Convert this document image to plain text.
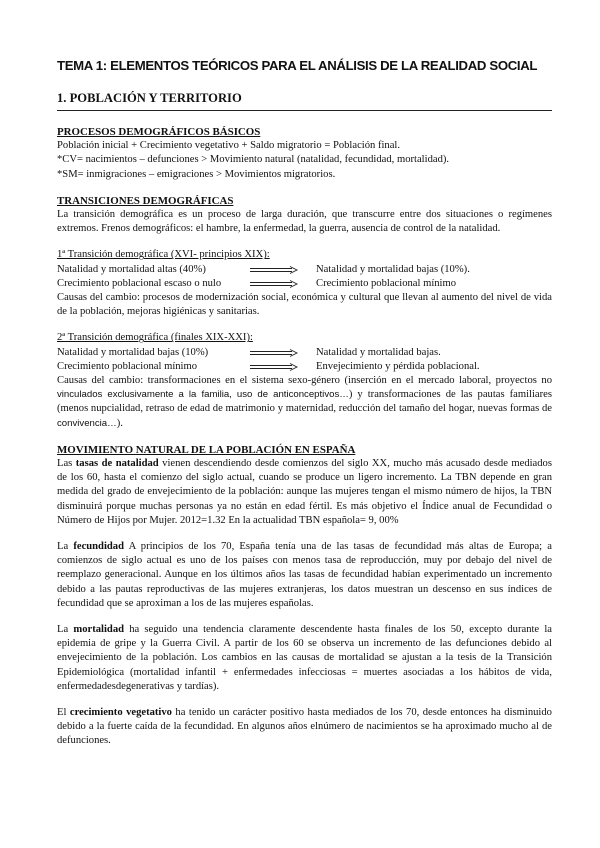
TEMA 1: ELEMENTOS TEÓRICOS PARA EL ANÁLISIS DE LA REALIDAD SOCIAL
1. POBLACIÓN Y TERRITORIO

PROCESOS DEMOGRÁFICOS BÁSICOS

Población inicial + Crecimiento vegetativo + Saldo migratorio = Población final.

*CV= nacimientos – defunciones > Movimiento natural (natalidad, fecundidad, mortalidad).

*SM= inmigraciones – emigraciones > Movimientos migratorios.

TRANSICIONES DEMOGRÁFICAS

La transición demográfica es un proceso de larga duración, que transcurre entre dos situaciones o regímenes extremos. Frenos demográficos: el hambre, la enfermedad, la guerra, ausencia de control de la natalidad.

1ª Transición demográfica (XVI- principios XIX):

Natalidad y mortalidad altas (40%)	Natalidad y mortalidad bajas (10%).
Crecimiento poblacional escaso o nulo	Crecimiento poblacional mínimo

Causas del cambio: procesos de modernización social, económica y cultural que llevan al aumento del nivel de vida de la población, mejoras higiénicas y sanitarias.

2ª Transición demográfica (finales XIX-XXI):

Natalidad y mortalidad bajas (10%)	Natalidad y mortalidad bajas.
Crecimiento poblacional mínimo	Envejecimiento y pérdida poblacional.

Causas del cambio: transformaciones en el sistema sexo-género (inserción en el mercado laboral, proyectos no vinculados exclusivamente a la familia, uso de anticonceptivos…) y transformaciones de las pautas familiares (menos nupcialidad, retraso de edad de matrimonio y maternidad, reducción del tamaño del hogar, nuevas formas de convivencia…).

MOVIMIENTO NATURAL DE LA POBLACIÓN EN ESPAÑA

Las tasas de natalidad vienen descendiendo desde comienzos del siglo XX, mucho más acusado desde mediados de los 60, hasta el comienzo del siglo actual, cuando se produce un ligero incremento. La TBN depende en gran medida del grado de envejecimiento de la población: aunque las mujeres tengan el mismo número de hijos, la TBN disminuirá porque muchas personas ya no están en edad fértil. Es más objetivo el Índice anual de Fecundidad o Número de Hijos por Mujer. 2012=1.32 En la actualidad TBN española= 9, 00%

La fecundidad A principios de los 70, España tenía una de las tasas de fecundidad más altas de Europa; a comienzos de siglo actual es uno de los países con menos tasa de reproducción, muy por debajo del nivel de reemplazo generacional. Aunque en los últimos años las tasas de fecundidad habían experimentado un incremento debido a las pautas reproductivas de las mujeres extranjeras, los datos muestran un descenso en sus índices de fecundidad que se aproximan a los de las mujeres españolas.

La mortalidad ha seguido una tendencia claramente descendente hasta finales de los 50, excepto durante la epidemia de gripe y la Guerra Civil. A partir de los 60 se observa un incremento de las defunciones debido al envejecimiento de la población. Los cambios en las causas de mortalidad se ajustan a la tesis de la Transición Epidemiológica (mortalidad infantil + enfermedades infecciosas = muertes asociadas a los hábitos de vida, enfermedadesdegenerativas y tardías).

El crecimiento vegetativo ha tenido un carácter positivo hasta mediados de los 70, desde entonces ha disminuido debido a la fuerte caída de la fecundidad. En algunos años elnúmero de nacimientos se ha aproximado mucho al de defunciones.
